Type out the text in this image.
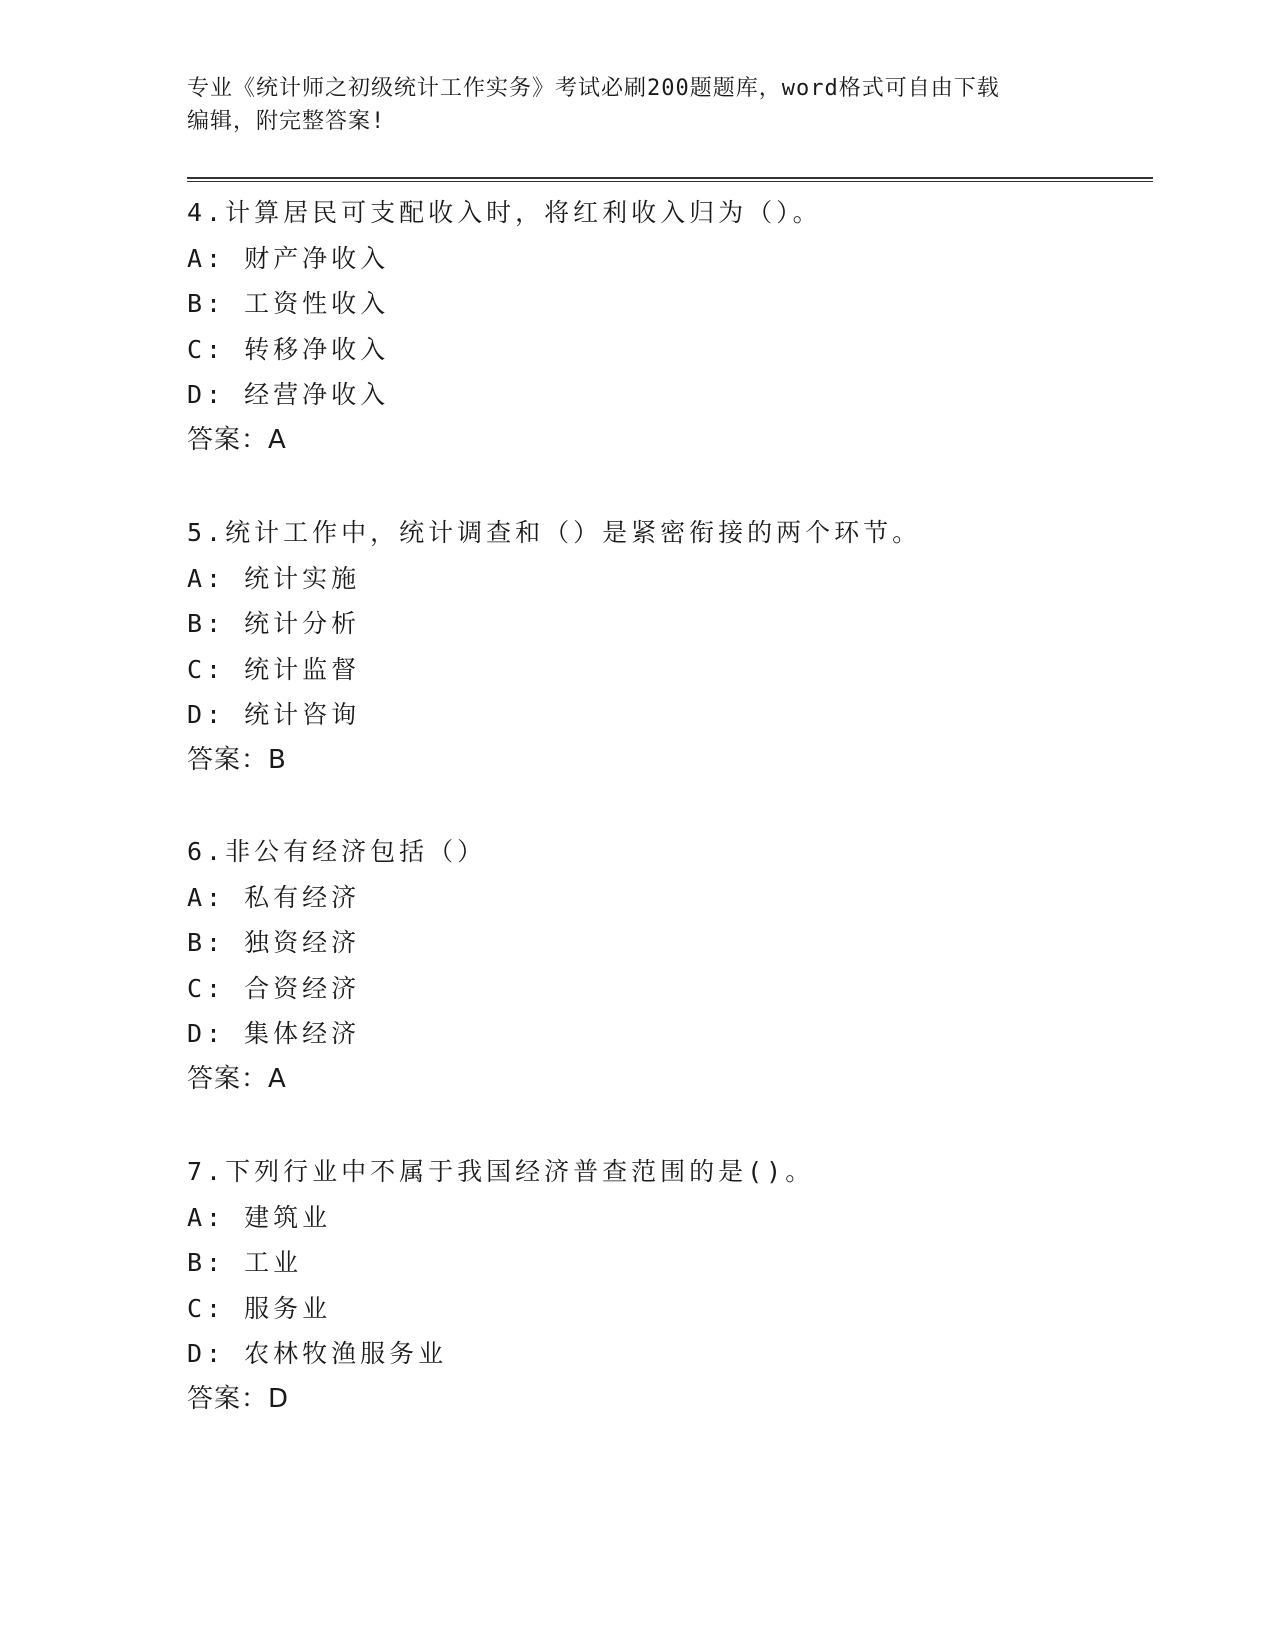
专业《统计师之初级统计工作实务》考试必刷200题题库，word格式可自由下载
编辑，附完整答案!
4.计算居民可支配收入时，将红利收入归为（）。
A: 财产净收入
B: 工资性收入
C: 转移净收入
D: 经营净收入
答案：A
5.统计工作中，统计调查和（）是紧密衔接的两个环节。
A: 统计实施
B: 统计分析
C: 统计监督
D: 统计咨询
答案：B
6.非公有经济包括（）
A: 私有经济
B: 独资经济
C: 合资经济
D: 集体经济
答案：A
7.下列行业中不属于我国经济普查范围的是()。
A: 建筑业
B: 工业
C: 服务业
D: 农林牧渔服务业
答案：D
